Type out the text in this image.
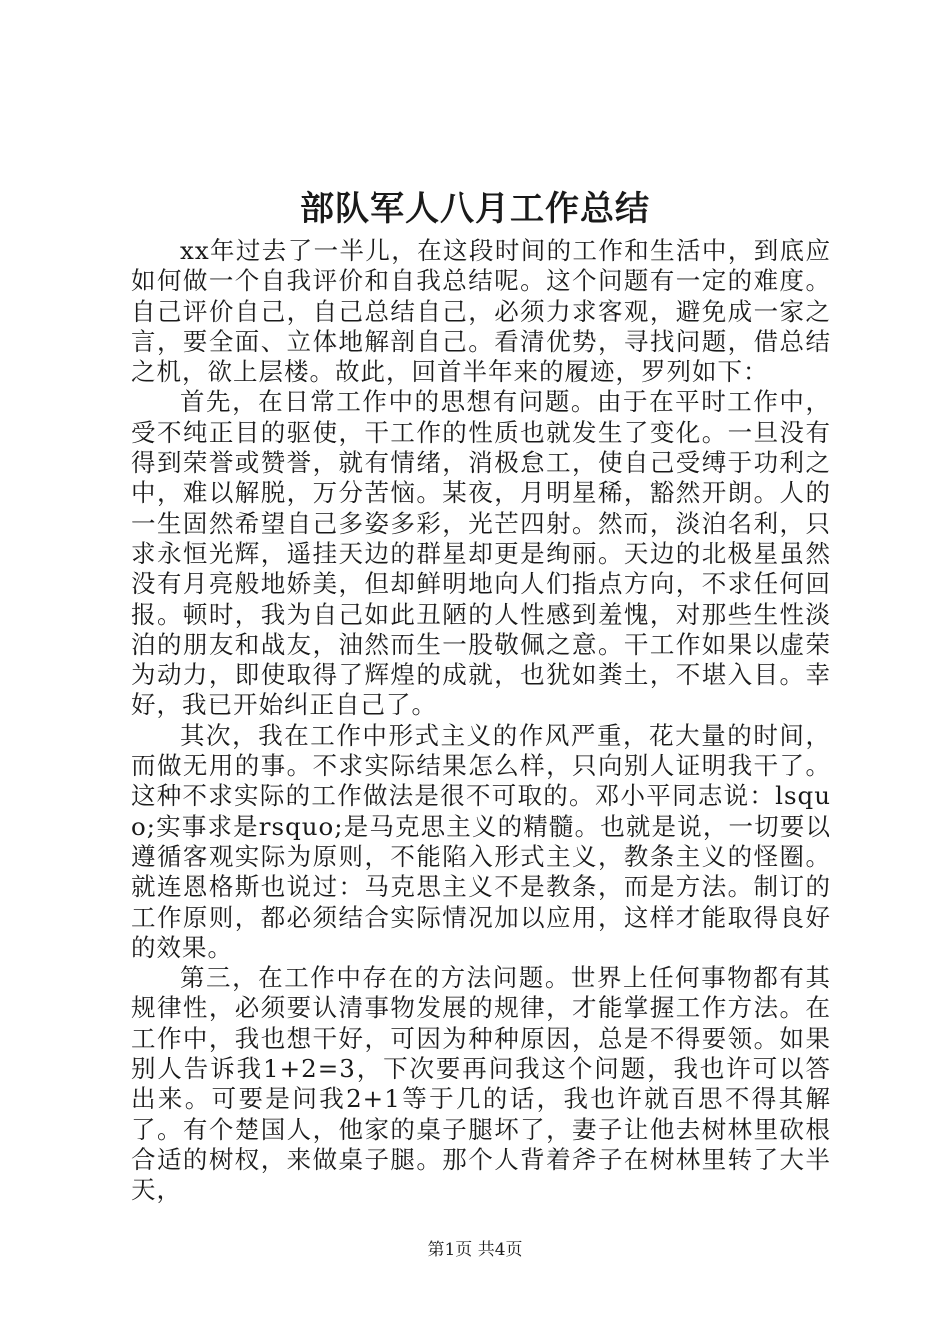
部队军人八月工作总结

xx年过去了一半儿，在这段时间的工作和生活中，到底应如何做一个自我评价和自我总结呢。这个问题有一定的难度。自己评价自己，自己总结自己，必须力求客观，避免成一家之言，要全面、立体地解剖自己。看清优势，寻找问题，借总结之机，欲上层楼。故此，回首半年来的履迹，罗列如下：

首先，在日常工作中的思想有问题。由于在平时工作中，受不纯正目的驱使，干工作的性质也就发生了变化。一旦没有得到荣誉或赞誉，就有情绪，消极怠工，使自己受缚于功利之中，难以解脱，万分苦恼。某夜，月明星稀，豁然开朗。人的一生固然希望自己多姿多彩，光芒四射。然而，淡泊名利，只求永恒光辉，遥挂天边的群星却更是绚丽。天边的北极星虽然没有月亮般地娇美，但却鲜明地向人们指点方向，不求任何回报。顿时，我为自己如此丑陋的人性感到羞愧，对那些生性淡泊的朋友和战友，油然而生一股敬佩之意。干工作如果以虚荣为动力，即使取得了辉煌的成就，也犹如粪土，不堪入目。幸好，我已开始纠正自己了。

其次，我在工作中形式主义的作风严重，花大量的时间，而做无用的事。不求实际结果怎么样，只向别人证明我干了。这种不求实际的工作做法是很不可取的。邓小平同志说：lsquo;实事求是rsquo;是马克思主义的精髓。也就是说，一切要以遵循客观实际为原则，不能陷入形式主义，教条主义的怪圈。就连恩格斯也说过：马克思主义不是教条，而是方法。制订的工作原则，都必须结合实际情况加以应用，这样才能取得良好的效果。

第三，在工作中存在的方法问题。世界上任何事物都有其规律性，必须要认清事物发展的规律，才能掌握工作方法。在工作中，我也想干好，可因为种种原因，总是不得要领。如果别人告诉我1+2=3，下次要再问我这个问题，我也许可以答出来。可要是问我2+1等于几的话，我也许就百思不得其解了。有个楚国人，他家的桌子腿坏了，妻子让他去树林里砍根合适的树杈，来做桌子腿。那个人背着斧子在树林里转了大半天，

第1页 共4页
